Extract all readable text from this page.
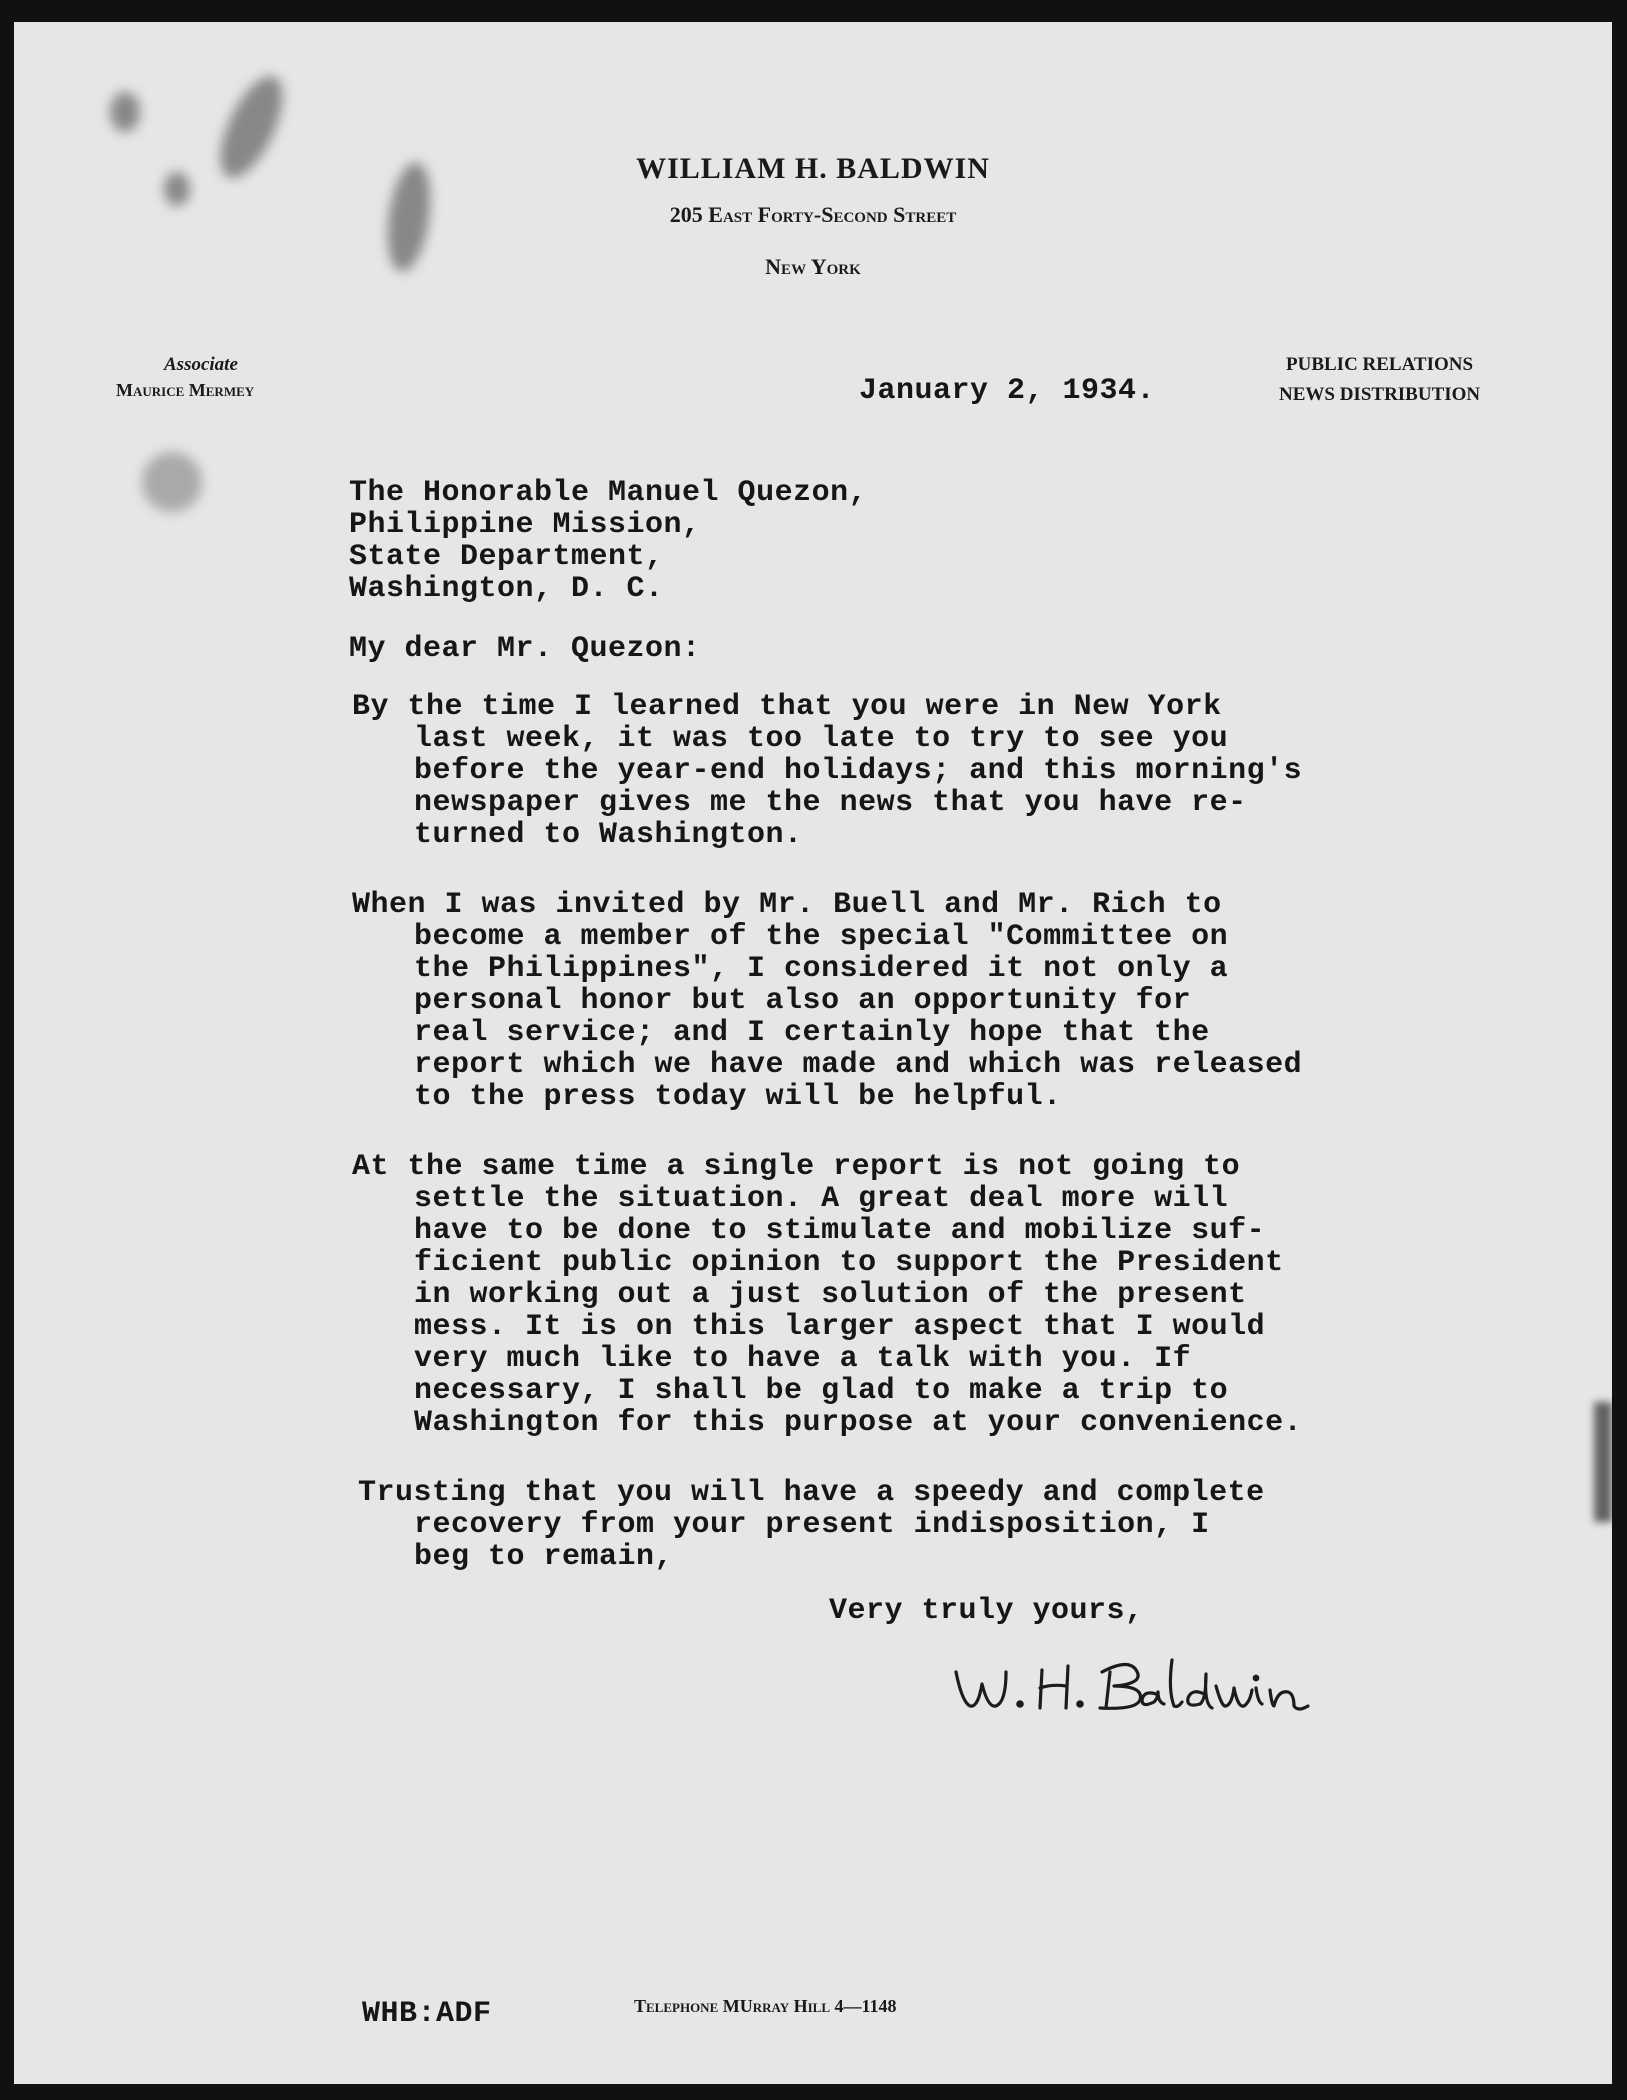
WILLIAM H. BALDWIN
205 East Forty-Second Street
New York
Associate
Maurice Mermey
PUBLIC RELATIONS
NEWS DISTRIBUTION
January 2, 1934.
The Honorable Manuel Quezon,
Philippine Mission,
State Department,
Washington, D. C.
My dear Mr. Quezon:
By the time I learned that you were in New York
last week, it was too late to try to see you
before the year-end holidays; and this morning's
newspaper gives me the news that you have re-
turned to Washington.
When I was invited by Mr. Buell and Mr. Rich to
become a member of the special "Committee on
the Philippines", I considered it not only a
personal honor but also an opportunity for
real service; and I certainly hope that the
report which we have made and which was released
to the press today will be helpful.
At the same time a single report is not going to
settle the situation. A great deal more will
have to be done to stimulate and mobilize suf-
ficient public opinion to support the President
in working out a just solution of the present
mess. It is on this larger aspect that I would
very much like to have a talk with you. If
necessary, I shall be glad to make a trip to
Washington for this purpose at your convenience.
Trusting that you will have a speedy and complete
recovery from your present indisposition, I
beg to remain,
Very truly yours,
WHB:ADF	Telephone MUrray Hill 4—1148
